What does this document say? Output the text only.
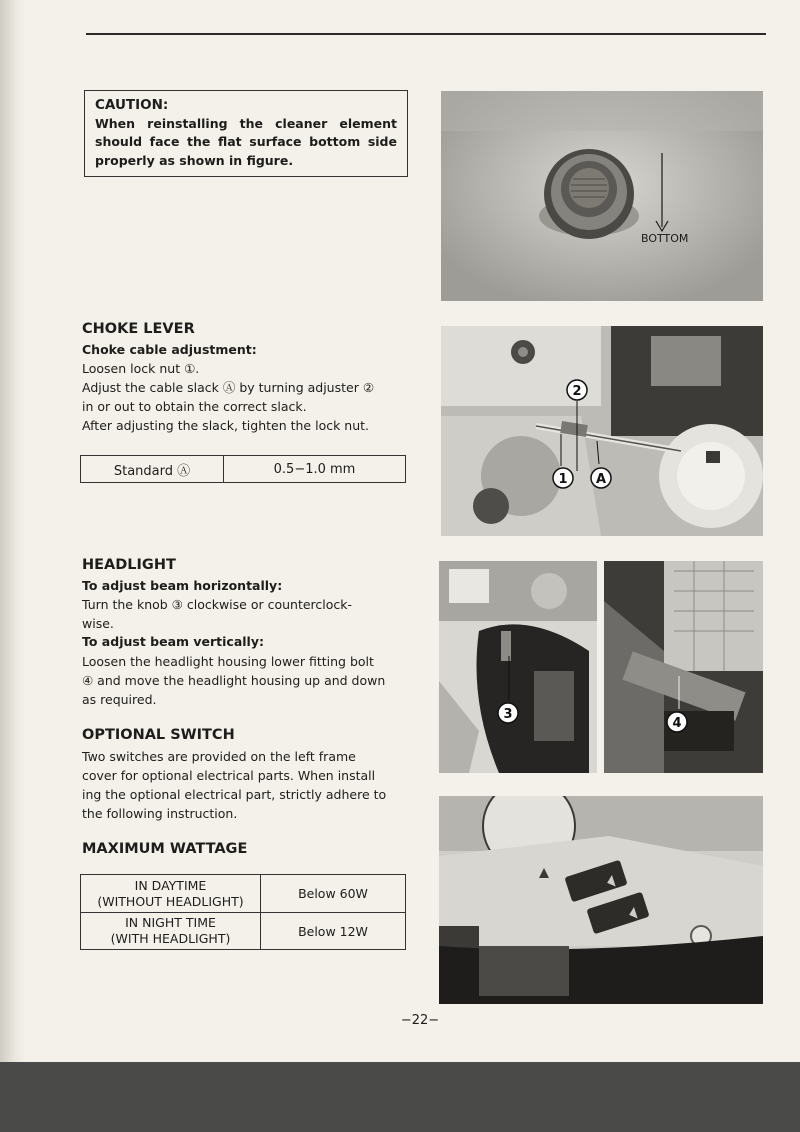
CAUTION:
When reinstalling the cleaner element should face the flat surface bottom side properly as shown in figure.
CHOKE LEVER
Choke cable adjustment:
Loosen lock nut ①.
Adjust the cable slack Ⓐ by turning adjuster ②
in or out to obtain the correct slack.
After adjusting the slack, tighten the lock nut.
Standard Ⓐ	0.5−1.0 mm
HEADLIGHT
To adjust beam horizontally:
Turn the knob ③ clockwise or counterclock-
wise.
To adjust beam vertically:
Loosen the headlight housing lower fitting bolt
④ and move the headlight housing up and down
as required.
OPTIONAL SWITCH
Two switches are provided on the left frame
cover for optional electrical parts. When install
ing the optional electrical part, strictly adhere to
the following instruction.
MAXIMUM WATTAGE
IN DAYTIME
(WITHOUT HEADLIGHT)	Below 60W
IN NIGHT TIME
(WITH HEADLIGHT)	Below 12W
BOTTOM
2
1 A
3
4
−22−
